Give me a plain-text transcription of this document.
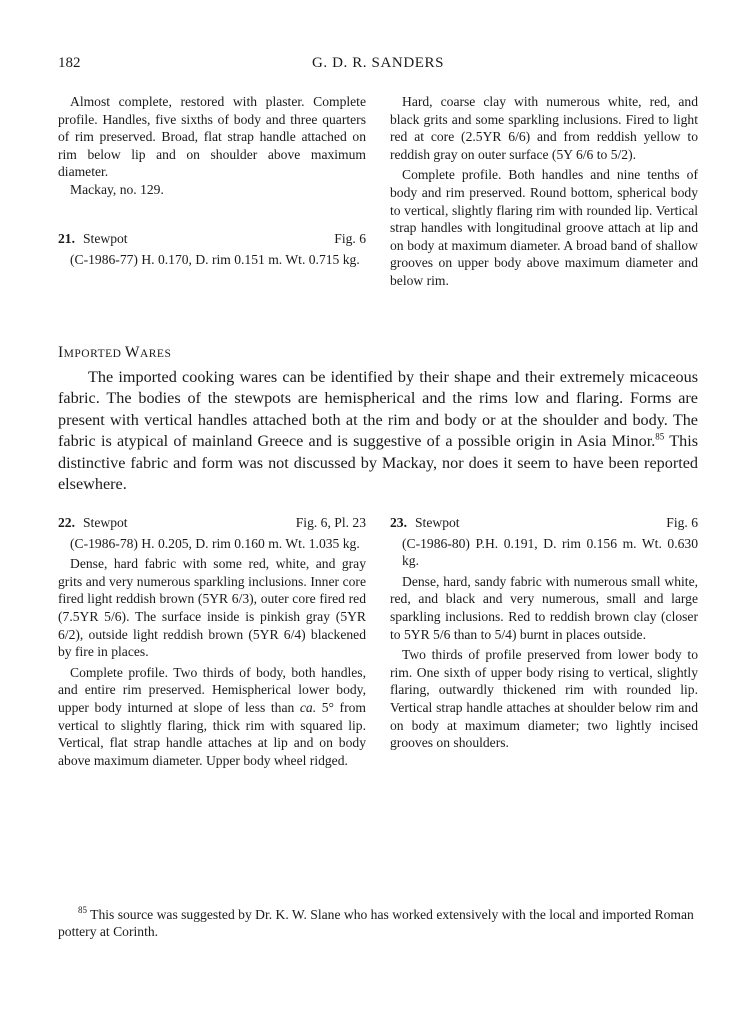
182	G. D. R. SANDERS

Almost complete, restored with plaster. Complete profile. Handles, five sixths of body and three quarters of rim preserved. Broad, flat strap handle attached on rim below lip and on shoulder above maximum diameter.

Mackay, no. 129.

21. Stewpot	Fig. 6

(C-1986-77) H. 0.170, D. rim 0.151 m. Wt. 0.715 kg.

Hard, coarse clay with numerous white, red, and black grits and some sparkling inclusions. Fired to light red at core (2.5YR 6/6) and from reddish yellow to reddish gray on outer surface (5Y 6/6 to 5/2).

Complete profile. Both handles and nine tenths of body and rim preserved. Round bottom, spherical body to vertical, slightly flaring rim with rounded lip. Vertical strap handles with longitudinal groove attach at lip and on body at maximum diameter. A broad band of shallow grooves on upper body above maximum diameter and below rim.

IMPORTED WARES

The imported cooking wares can be identified by their shape and their extremely micaceous fabric. The bodies of the stewpots are hemispherical and the rims low and flaring. Forms are present with vertical handles attached both at the rim and body or at the shoulder and body. The fabric is atypical of mainland Greece and is suggestive of a possible origin in Asia Minor.$^{85}$ This distinctive fabric and form was not discussed by Mackay, nor does it seem to have been reported elsewhere.

22. Stewpot	Fig. 6, Pl. 23

(C-1986-78) H. 0.205, D. rim 0.160 m. Wt. 1.035 kg.

Dense, hard fabric with some red, white, and gray grits and very numerous sparkling inclusions. Inner core fired light reddish brown (5YR 6/3), outer core fired red (7.5YR 5/6). The surface inside is pinkish gray (5YR 6/2), outside light reddish brown (5YR 6/4) blackened by fire in places.

Complete profile. Two thirds of body, both handles, and entire rim preserved. Hemispherical lower body, upper body inturned at slope of less than ca. 5° from vertical to slightly flaring, thick rim with squared lip. Vertical, flat strap handle attaches at lip and on body above maximum diameter. Upper body wheel ridged.

23. Stewpot	Fig. 6

(C-1986-80) P.H. 0.191, D. rim 0.156 m. Wt. 0.630 kg.

Dense, hard, sandy fabric with numerous small white, red, and black and very numerous, small and large sparkling inclusions. Red to reddish brown clay (closer to 5YR 5/6 than to 5/4) burnt in places outside.

Two thirds of profile preserved from lower body to rim. One sixth of upper body rising to vertical, slightly flaring, outwardly thickened rim with rounded lip. Vertical strap handle attaches at shoulder below rim and on body at maximum diameter; two lightly incised grooves on shoulders.

$^{85}$ This source was suggested by Dr. K. W. Slane who has worked extensively with the local and imported Roman pottery at Corinth.
